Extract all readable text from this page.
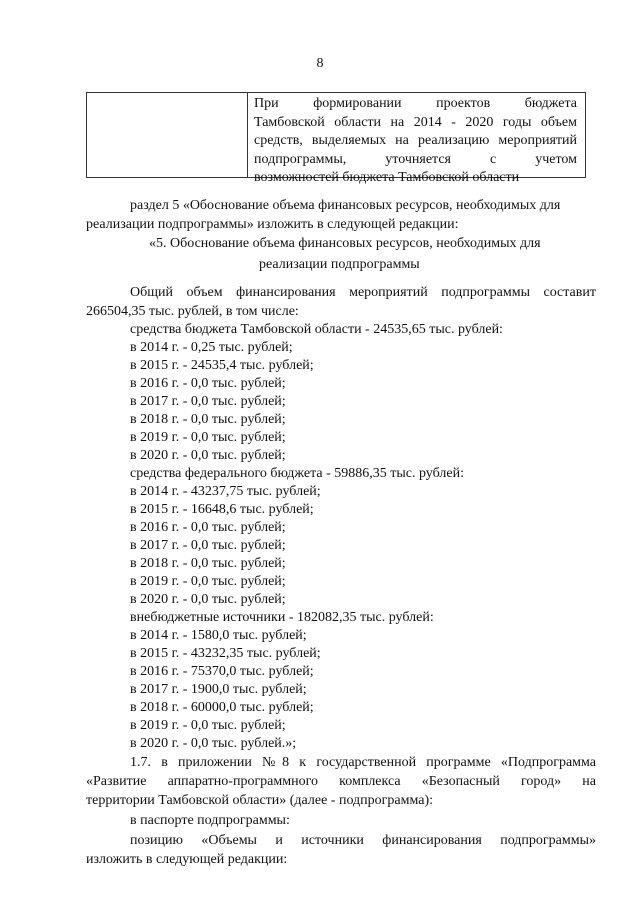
8
При формировании проектов бюджета
Тамбовской области на 2014 - 2020 годы объем
средств, выделяемых на реализацию мероприятий
подпрограммы, уточняется с учетом
возможностей бюджета Тамбовской области
раздел 5 «Обоснование объема финансовых ресурсов, необходимых для
реализации подпрограммы» изложить в следующей редакции:
«5. Обоснование объема финансовых ресурсов, необходимых для
реализации подпрограммы
Общий объем финансирования мероприятий подпрограммы составит
266504,35 тыс. рублей, в том числе:
средства бюджета Тамбовской области - 24535,65 тыс. рублей:
в 2014 г. - 0,25 тыс. рублей;
в 2015 г. - 24535,4 тыс. рублей;
в 2016 г. - 0,0 тыс. рублей;
в 2017 г. - 0,0 тыс. рублей;
в 2018 г. - 0,0 тыс. рублей;
в 2019 г. - 0,0 тыс. рублей;
в 2020 г. - 0,0 тыс. рублей;
средства федерального бюджета - 59886,35 тыс. рублей:
в 2014 г. - 43237,75 тыс. рублей;
в 2015 г. - 16648,6 тыс. рублей;
в 2016 г. - 0,0 тыс. рублей;
в 2017 г. - 0,0 тыс. рублей;
в 2018 г. - 0,0 тыс. рублей;
в 2019 г. - 0,0 тыс. рублей;
в 2020 г. - 0,0 тыс. рублей;
внебюджетные источники - 182082,35 тыс. рублей:
в 2014 г. - 1580,0 тыс. рублей;
в 2015 г. - 43232,35 тыс. рублей;
в 2016 г. - 75370,0 тыс. рублей;
в 2017 г. - 1900,0 тыс. рублей;
в 2018 г. - 60000,0 тыс. рублей;
в 2019 г. - 0,0 тыс. рублей;
в 2020 г. - 0,0 тыс. рублей.»;
1.7. в приложении №8 к государственной программе «Подпрограмма
«Развитие аппаратно-программного комплекса «Безопасный город» на
территории Тамбовской области» (далее - подпрограмма):
в паспорте подпрограммы:
позицию «Объемы и источники финансирования подпрограммы»
изложить в следующей редакции:
